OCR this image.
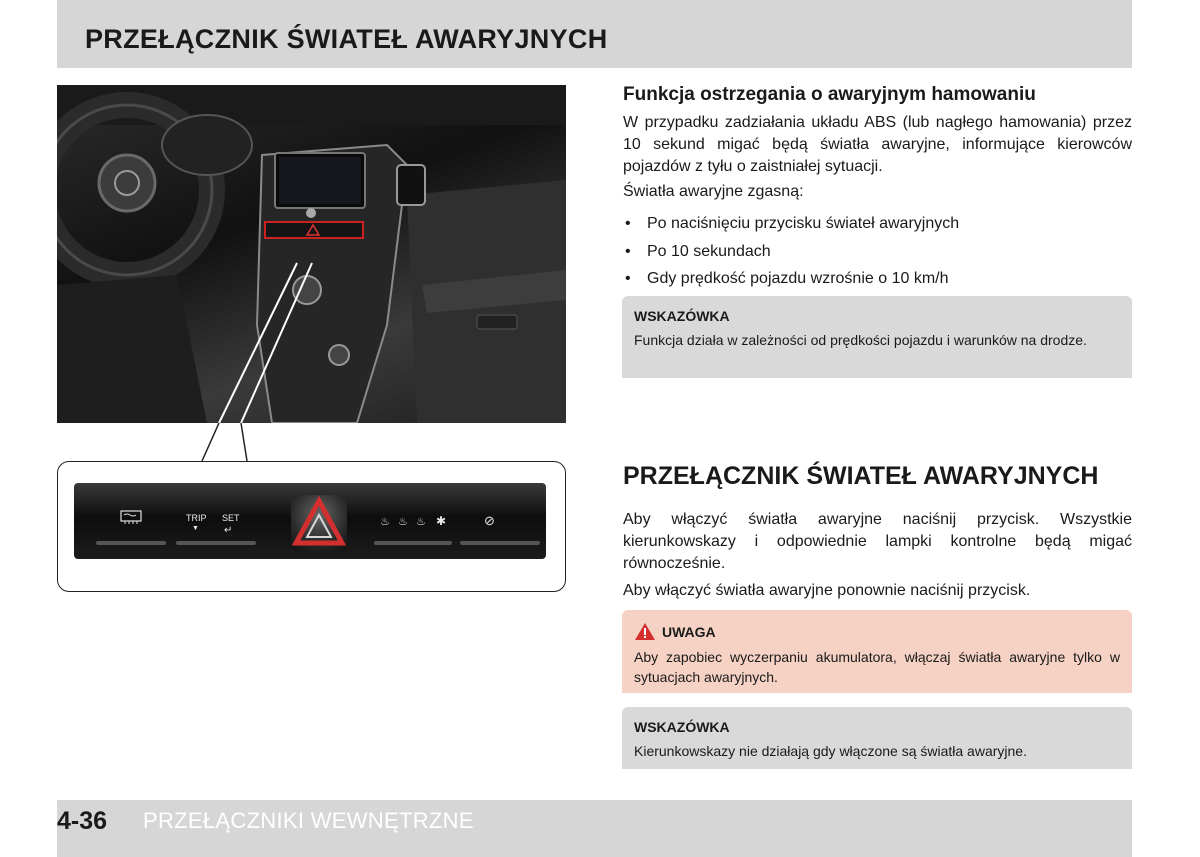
PRZEŁĄCZNIK ŚWIATEŁ AWARYJNYCH
TRIP
▼
SET
↵
♨ ♨ ♨ ✱	⊘
Funkcja ostrzegania o awaryjnym hamowaniu

W przypadku zadziałania układu ABS (lub nagłego hamowania) przez 10 sekund migać będą światła awaryjne, informujące kierowców pojazdów z tyłu o zaistniałej sytuacji.

Światła awaryjne zgasną:

• Po naciśnięciu przycisku świateł awaryjnych
• Po 10 sekundach
• Gdy prędkość pojazdu wzrośnie o 10 km/h

WSKAZÓWKA

Funkcja działa w zależności od prędkości pojazdu i warunków na drodze.

PRZEŁĄCZNIK ŚWIATEŁ AWARYJNYCH

Aby włączyć światła awaryjne naciśnij przycisk. Wszystkie kierunkowskazy i odpowiednie lampki kontrolne będą migać równocześnie.

Aby włączyć światła awaryjne ponownie naciśnij przycisk.

UWAGA

Aby zapobiec wyczerpaniu akumulatora, włączaj światła awaryjne tylko w sytuacjach awaryjnych.

WSKAZÓWKA

Kierunkowskazy nie działają gdy włączone są światła awaryjne.

4-36 PRZEŁĄCZNIKI WEWNĘTRZNE
